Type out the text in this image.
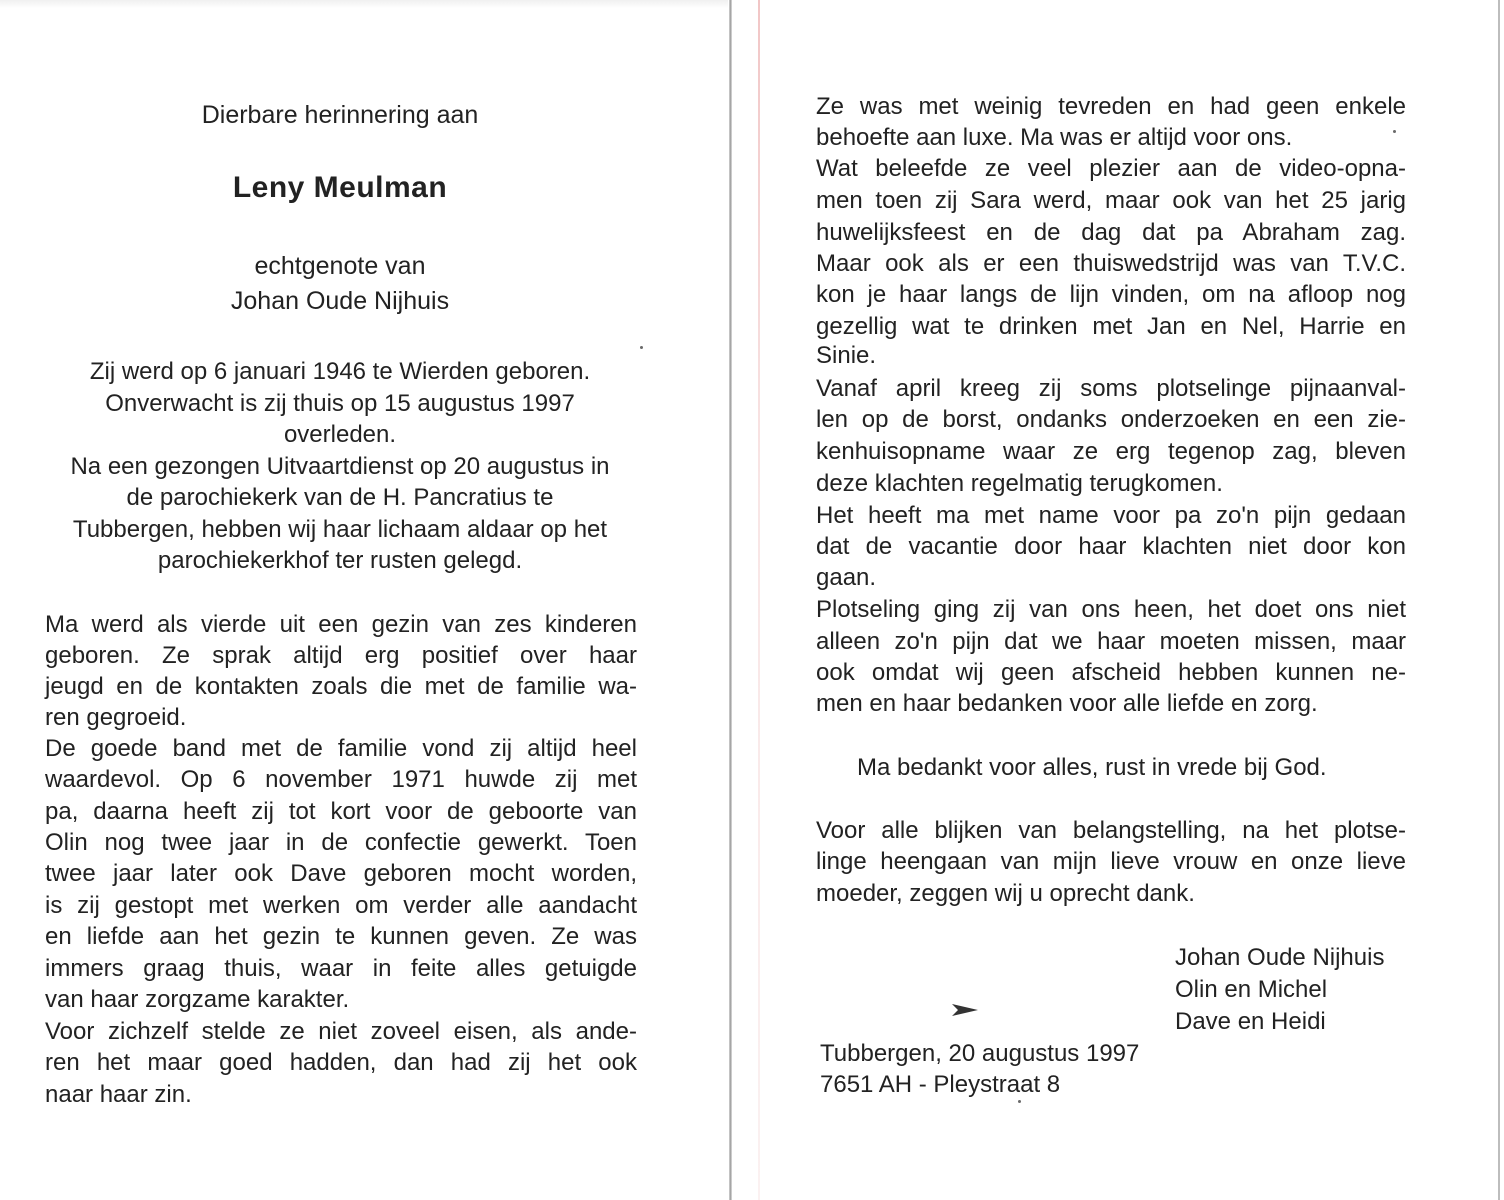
Dierbare herinnering aan
Leny Meulman
echtgenote van
Johan Oude Nijhuis
Zij werd op 6 januari 1946 te Wierden geboren.
Onverwacht is zij thuis op 15 augustus 1997
overleden.
Na een gezongen Uitvaartdienst op 20 augustus in
de parochiekerk van de H. Pancratius te
Tubbergen, hebben wij haar lichaam aldaar op het
parochiekerkhof ter rusten gelegd.
Ma werd als vierde uit een gezin van zes kinderen
geboren. Ze sprak altijd erg positief over haar
jeugd en de kontakten zoals die met de familie wa-
ren gegroeid.
De goede band met de familie vond zij altijd heel
waardevol. Op 6 november 1971 huwde zij met
pa, daarna heeft zij tot kort voor de geboorte van
Olin nog twee jaar in de confectie gewerkt. Toen
twee jaar later ook Dave geboren mocht worden,
is zij gestopt met werken om verder alle aandacht
en liefde aan het gezin te kunnen geven. Ze was
immers graag thuis, waar in feite alles getuigde
van haar zorgzame karakter.
Voor zichzelf stelde ze niet zoveel eisen, als ande-
ren het maar goed hadden, dan had zij het ook
naar haar zin.
Ze was met weinig tevreden en had geen enkele
behoefte aan luxe. Ma was er altijd voor ons.
Wat beleefde ze veel plezier aan de video-opna-
men toen zij Sara werd, maar ook van het 25 jarig
huwelijksfeest en de dag dat pa Abraham zag.
Maar ook als er een thuiswedstrijd was van T.V.C.
kon je haar langs de lijn vinden, om na afloop nog
gezellig wat te drinken met Jan en Nel, Harrie en
Sinie.
Vanaf april kreeg zij soms plotselinge pijnaanval-
len op de borst, ondanks onderzoeken en een zie-
kenhuisopname waar ze erg tegenop zag, bleven
deze klachten regelmatig terugkomen.
Het heeft ma met name voor pa zo'n pijn gedaan
dat de vacantie door haar klachten niet door kon
gaan.
Plotseling ging zij van ons heen, het doet ons niet
alleen zo'n pijn dat we haar moeten missen, maar
ook omdat wij geen afscheid hebben kunnen ne-
men en haar bedanken voor alle liefde en zorg.
Ma bedankt voor alles, rust in vrede bij God.
Voor alle blijken van belangstelling, na het plotse-
linge heengaan van mijn lieve vrouw en onze lieve
moeder, zeggen wij u oprecht dank.
Johan Oude Nijhuis
Olin en Michel
Dave en Heidi
Tubbergen, 20 augustus 1997
7651 AH - Pleystraat 8
